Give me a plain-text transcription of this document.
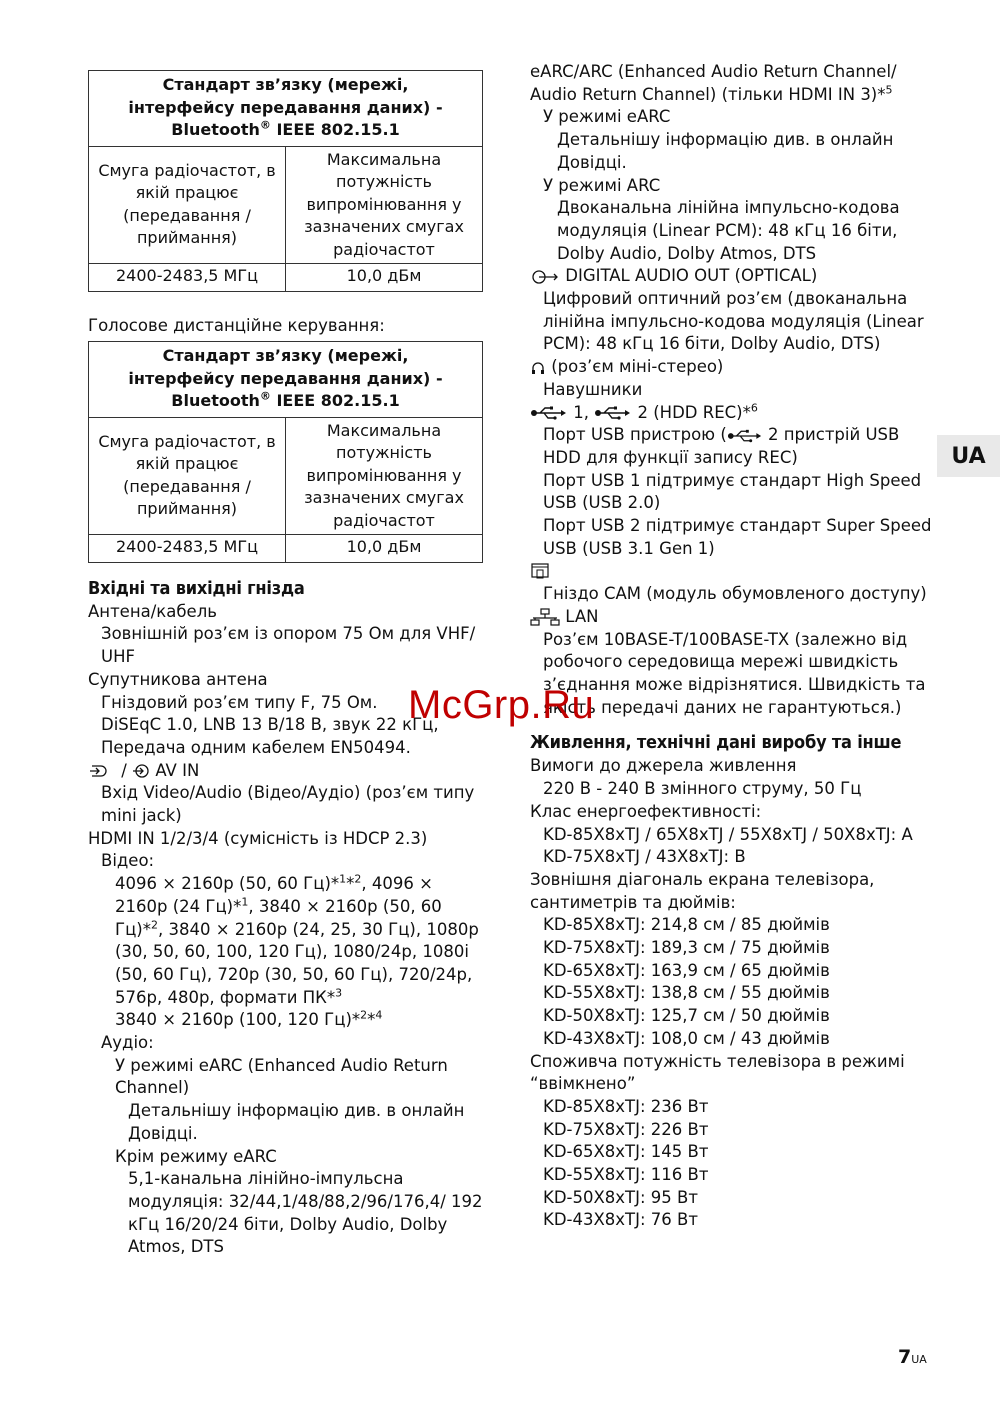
Стандарт зв’язку (мережі,
інтерфейсу передавання даних) -
Bluetooth® IEEE 802.15.1	
Смуга радіочастот, в якій працює (передавання / приймання)	Максимальна потужність випромінювання у зазначених смугах радіочастот
2400-2483,5 МГц	10,0 дБм

Голосове дистанційне керування:

Стандарт зв’язку (мережі,
інтерфейсу передавання даних) -
Bluetooth® IEEE 802.15.1	
Смуга радіочастот, в якій працює (передавання / приймання)	Максимальна потужність випромінювання у зазначених смугах радіочастот
2400-2483,5 МГц	10,0 дБм
Вхідні та вихідні гнізда
Антена/кабель
Зовнішній роз’єм із опором 75 Ом для VHF/ UHF
Супутникова антена
Гніздовий роз’єм типу F, 75 Ом.
DiSEqC 1.0, LNB 13 В/18 В, звук 22 кГц,
Передача одним кабелем EN50494.
/ AV IN
Вхід Video/Audio (Відео/Аудіо) (роз’єм типу mini jack)
HDMI IN 1/2/3/4 (сумісність із HDCP 2.3)
Відео:
4096 × 2160p (50, 60 Гц)*$^1$*$^2$, 4096 × 2160p (24 Гц)*$^1$, 3840 × 2160p (50, 60 Гц)*$^2$, 3840 × 2160p (24, 25, 30 Гц), 1080p (30, 50, 60, 100, 120 Гц), 1080/24p, 1080i (50, 60 Гц), 720p (30, 50, 60 Гц), 720/24p, 576p, 480p, формати ПК*$^3$
3840 × 2160p (100, 120 Гц)*$^2$*$^4$
Аудіо:
У режимі eARC (Enhanced Audio Return Channel)
Детальнішу інформацію див. в онлайн Довідці.
Крім режиму eARC
5,1-канальна лінійно-імпульсна модуляція: 32/44,1/48/88,2/96/176,4/ 192 кГц 16/20/24 біти, Dolby Audio, Dolby Atmos, DTS
eARC/ARC (Enhanced Audio Return Channel/ Audio Return Channel) (тільки HDMI IN 3)*$^5$
У режимі eARC
Детальнішу інформацію див. в онлайн Довідці.
У режимі ARC
Двоканальна лінійна імпульсно-кодова модуляція (Linear PCM): 48 кГц 16 біти, Dolby Audio, Dolby Atmos, DTS
DIGITAL AUDIO OUT (OPTICAL)
Цифровий оптичний роз’єм (двоканальна лінійна імпульсно-кодова модуляція (Linear PCM): 48 кГц 16 біти, Dolby Audio, DTS)
(роз’єм міні-стерео)
Навушники
1,	2 (HDD REC)*$^6$
Порт USB пристрою (	2 пристрій USB HDD для функції запису REC)
Порт USB 1 підтримує стандарт High Speed USB (USB 2.0)
Порт USB 2 підтримує стандарт Super Speed USB (USB 3.1 Gen 1)
Гніздо CAM (модуль обумовленого доступу)
LAN
Роз’єм 10BASE-T/100BASE-TX (залежно від робочого середовища мережі швидкість з’єднання може відрізнятися. Швидкість та якість передачі даних не гарантуються.)
Живлення, технічні дані виробу та інше
Вимоги до джерела живлення
220 В - 240 В змінного струму, 50 Гц
Клас енергоефективності:
KD-85X8xTJ / 65X8xTJ / 55X8xTJ / 50X8xTJ: A
KD-75X8xTJ / 43X8xTJ: B
Зовнішня діагональ екрана телевізора, сантиметрів та дюймів:
KD-85X8xTJ: 214,8 см / 85 дюймів
KD-75X8xTJ: 189,3 см / 75 дюймів
KD-65X8xTJ: 163,9 см / 65 дюймів
KD-55X8xTJ: 138,8 см / 55 дюймів
KD-50X8xTJ: 125,7 см / 50 дюймів
KD-43X8xTJ: 108,0 см / 43 дюймів
Споживча потужність телевізора в режимі “ввімкнено”
KD-85X8xTJ: 236 Вт
KD-75X8xTJ: 226 Вт
KD-65X8xTJ: 145 Вт
KD-55X8xTJ: 116 Вт
KD-50X8xTJ: 95 Вт
KD-43X8xTJ: 76 Вт
UA
McGrp.Ru
7UA
